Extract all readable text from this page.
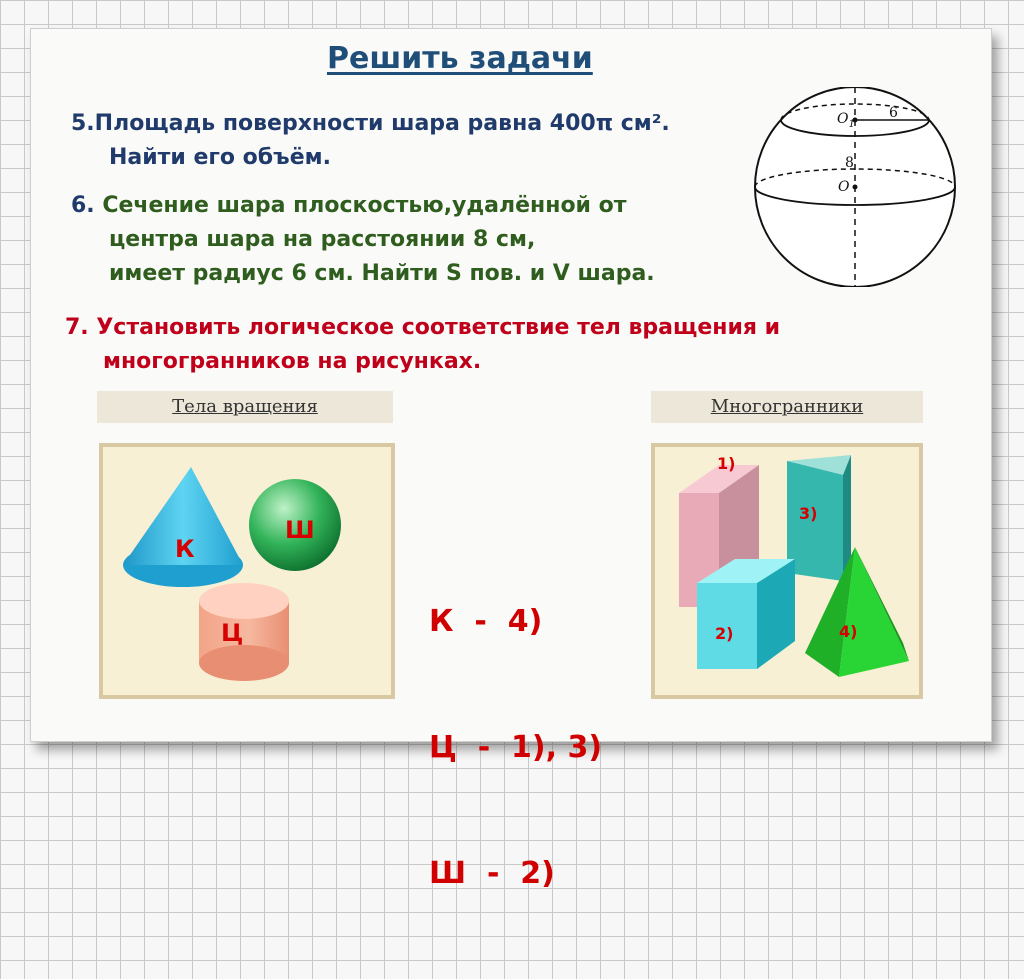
Решить задачи
5.Площадь поверхности шара равна 400π см².
Найти его объём.
6. Сечение шара плоскостью,удалённой от
центра шара на расстоянии 8 см,
имеет радиус 6 см. Найти S пов. и V шара.
$O_1$
6
8
O
7. Установить логическое соответствие тел вращения и
многогранников на рисунках.
Тела вращения	Многогранники
Ш
Ц
К
1)
3)
2)	4)

К  -  4)

Ц  -  1), 3)

Ш  -  2)
